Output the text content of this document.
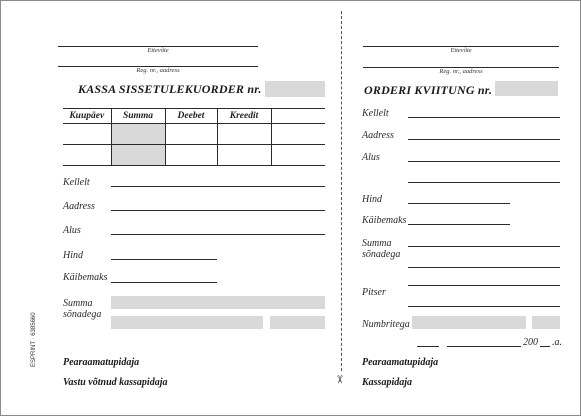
Ettevõte
Reg. nr., aadress
KASSA SISSETULEKUORDER nr.
Kuupäev	Summa	Deebet	Kreedit	

Kellelt
Aadress
Alus
Hind
Käibemaks
Summa
sõnadega
Pearaamatupidaja
Vastu võtnud kassapidaja
ESPRINT · 6385660
✂
Ettevõte
Reg. nr., aadress
ORDERI KVIITUNG nr.
Kellelt
Aadress
Alus
Hind
Käibemaks
Summa
sõnadega
Pitser
Numbritega
200 .a.
Pearaamatupidaja
Kassapidaja
